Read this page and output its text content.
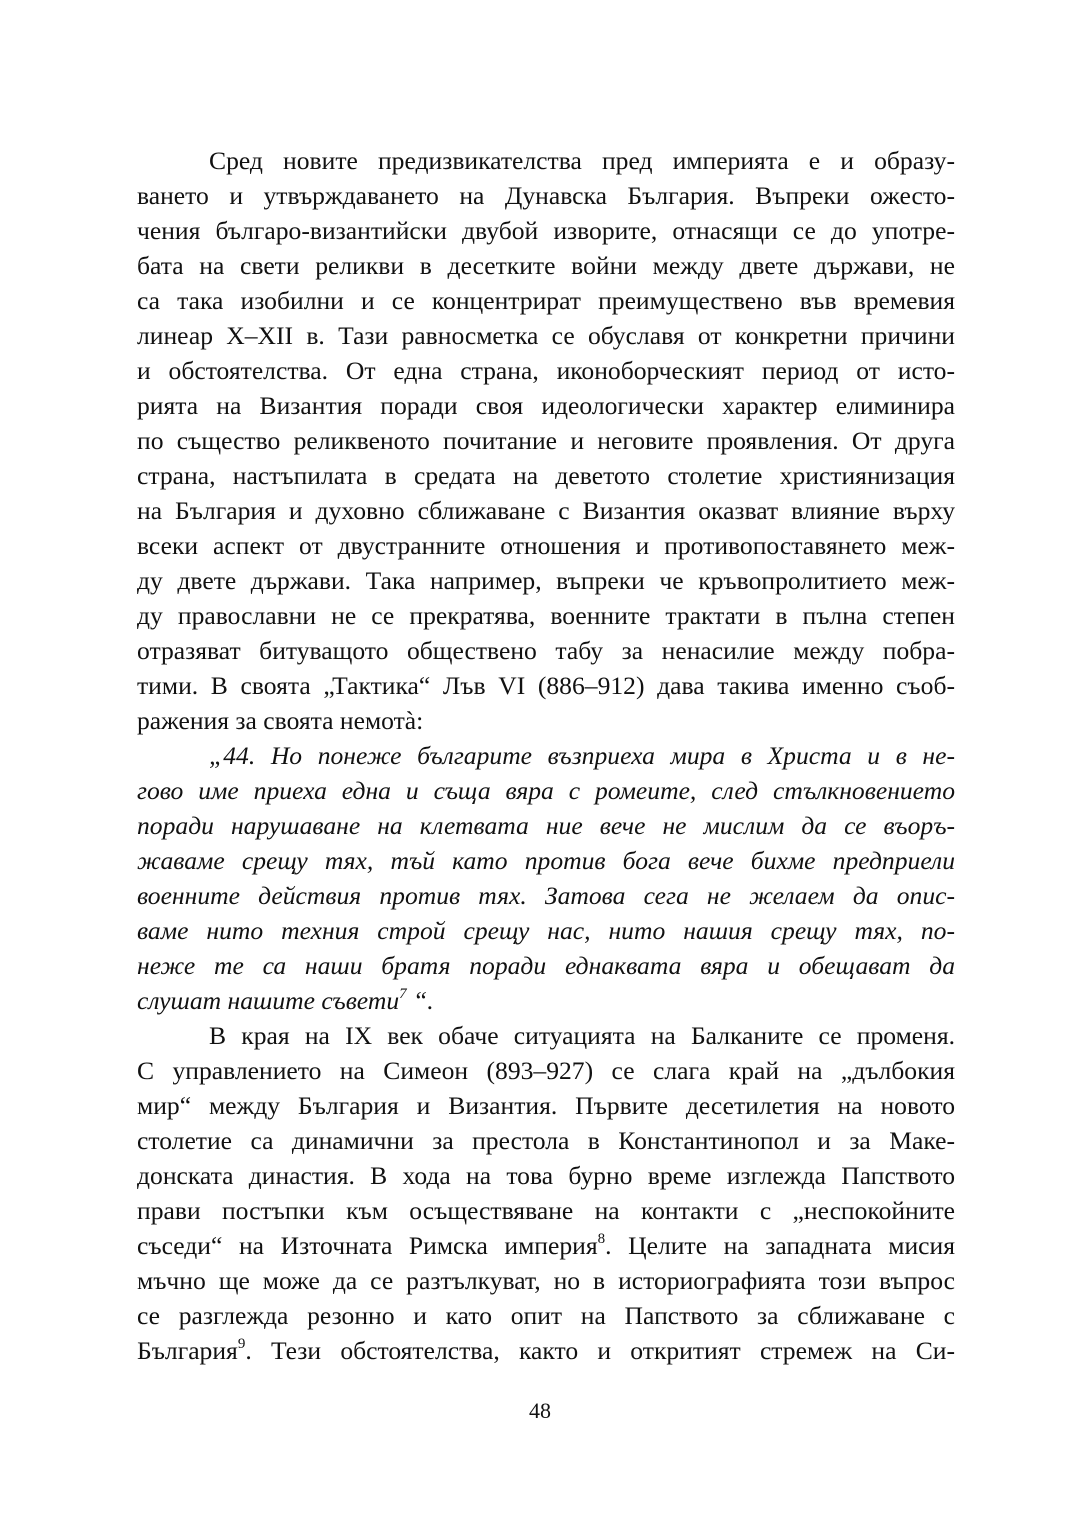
Сред новите предизвикателства пред империята е и образу-
ването и утвърждаването на Дунавска България. Въпреки ожесто-
чения българо-византийски двубой изворите, отнасящи се до употре-
бата на свети реликви в десетките войни между двете държави, не
са така изобилни и се концентрират преимуществено във времевия
линеар X–XII в. Тази равносметка се обуславя от конкретни причини
и обстоятелства. От една страна, иконоборческият период от исто-
рията на Византия поради своя идеологически характер елиминира
по същество реликвеното почитание и неговите проявления. От друга
страна, настъпилата в средата на деветото столетие християнизация
на България и духовно сближаване с Византия оказват влияние върху
всеки аспект от двустранните отношения и противопоставянето меж-
ду двете държави. Така например, въпреки че кръвопролитието меж-
ду православни не се прекратява, военните трактати в пълна степен
отразяват битуващото обществено табу за ненасилие между побра-
тими. В своята „Тактика“ Лъв VI (886–912) дава такива именно съоб-
ражения за своята немотà:
„44. Но понеже българите възприеха мира в Христа и в не-
гово име приеха една и съща вяра с ромеите, след стълкновението
поради нарушаване на клетвата ние вече не мислим да се въоръ-
жаваме срещу тях, тъй като против бога вече бихме предприели
военните действия против тях. Затова сега не желаем да опис-
ваме нито техния строй срещу нас, нито нашия срещу тях, по-
неже те са наши братя поради еднаквата вяра и обещават да
слушат нашите съвети$^7$ “.
В края на IX век обаче ситуацията на Балканите се променя.
С управлението на Симеон (893–927) се слага край на „дълбокия
мир“ между България и Византия. Първите десетилетия на новото
столетие са динамични за престола в Константинопол и за Маке-
донската династия. В хода на това бурно време изглежда Папството
прави постъпки към осъществяване на контакти с „неспокойните
съседи“ на Източната Римска империя$^8$. Целите на западната мисия
мъчно ще може да се разтълкуват, но в историографията този въпрос
се разглежда резонно и като опит на Папството за сближаване с
България$^9$. Тези обстоятелства, както и откритият стремеж на Си-
48
